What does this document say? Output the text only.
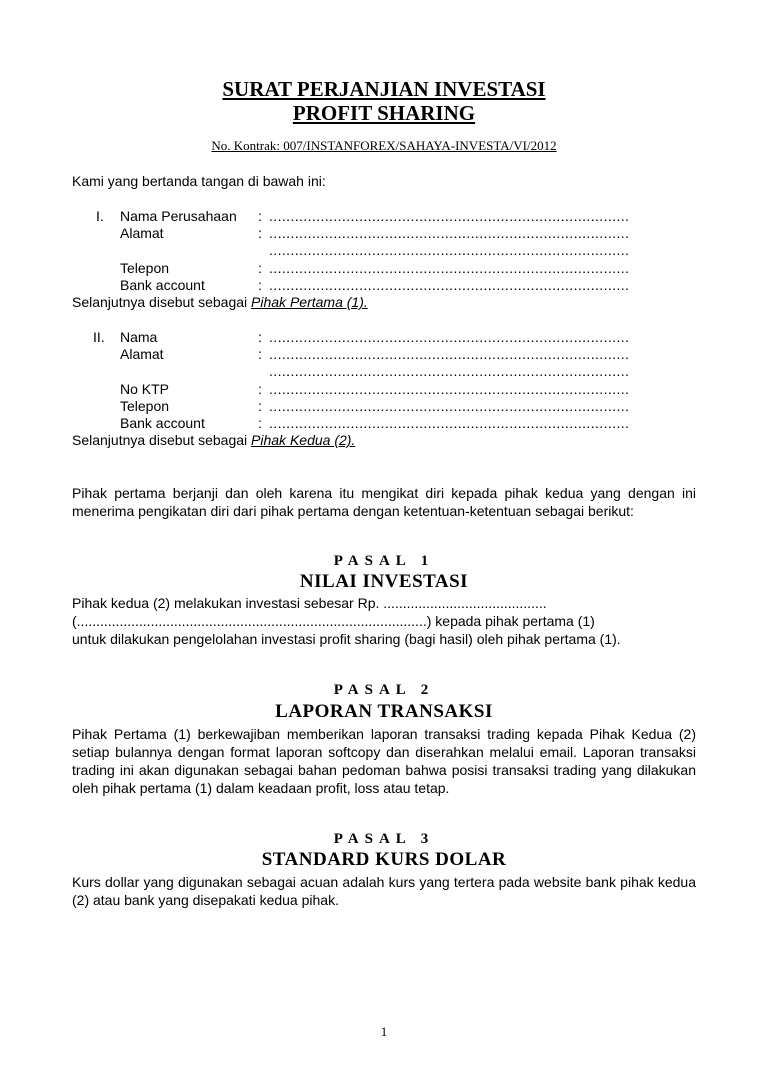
SURAT PERJANJIAN INVESTASI
PROFIT SHARING
No. Kontrak: 007/INSTANFOREX/SAHAYA-INVESTA/VI/2012
Kami yang bertanda tangan di bawah ini:
I. Nama Perusahaan : ....................................................................................
Alamat	: ....................................................................................
....................................................................................
Telepon	: ....................................................................................
Bank account	: ....................................................................................
Selanjutnya disebut sebagai Pihak Pertama (1).
II. Nama	: ....................................................................................
Alamat	: ....................................................................................
....................................................................................
No KTP	: ....................................................................................
Telepon	: ....................................................................................
Bank account	: ....................................................................................
Selanjutnya disebut sebagai Pihak Kedua (2).
Pihak pertama berjanji dan oleh karena itu mengikat diri kepada pihak kedua yang dengan ini menerima pengikatan diri dari pihak pertama dengan ketentuan-ketentuan sebagai berikut:
PASAL 1
NILAI INVESTASI
Pihak kedua (2) melakukan investasi sebesar Rp. ..........................................
(..........................................................................................) kepada pihak pertama (1)
untuk dilakukan pengelolahan investasi profit sharing (bagi hasil) oleh pihak pertama (1).
PASAL 2
LAPORAN TRANSAKSI
Pihak Pertama (1) berkewajiban memberikan laporan transaksi trading kepada Pihak Kedua (2) setiap bulannya dengan format laporan softcopy dan diserahkan melalui email. Laporan transaksi trading ini akan digunakan sebagai bahan pedoman bahwa posisi transaksi trading yang dilakukan oleh pihak pertama (1) dalam keadaan profit, loss atau tetap.
PASAL 3
STANDARD KURS DOLAR
Kurs dollar yang digunakan sebagai acuan adalah kurs yang tertera pada website bank pihak kedua (2) atau bank yang disepakati kedua pihak.
1
